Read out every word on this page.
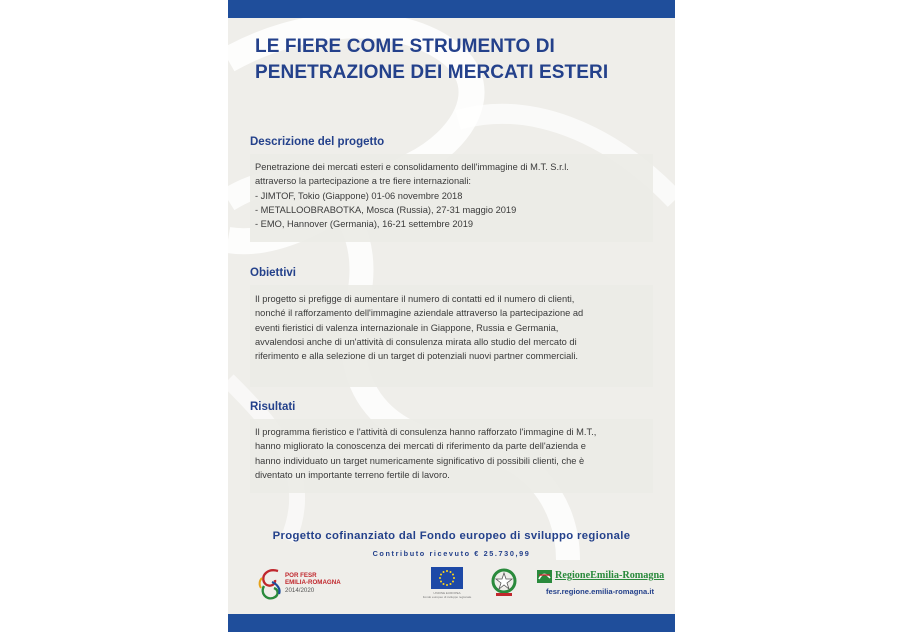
LE FIERE COME STRUMENTO DI
PENETRAZIONE DEI MERCATI ESTERI
Descrizione del progetto
Penetrazione dei mercati esteri e consolidamento dell'immagine di M.T. S.r.l.
attraverso la partecipazione a tre fiere internazionali:
- JIMTOF, Tokio (Giappone) 01-06 novembre 2018
- METALLOOBRABOTKA, Mosca (Russia), 27-31 maggio 2019
- EMO, Hannover (Germania), 16-21 settembre 2019
Obiettivi
Il progetto si prefigge di aumentare il numero di contatti ed il numero di clienti,
nonché il rafforzamento dell'immagine aziendale attraverso la partecipazione ad
eventi fieristici di valenza internazionale in Giappone, Russia e Germania,
avvalendosi anche di un'attività di consulenza mirata allo studio del mercato di
riferimento e alla selezione di un target di potenziali nuovi partner commerciali.
Risultati
Il programma fieristico e l'attività di consulenza hanno rafforzato l'immagine di M.T.,
hanno migliorato la conoscenza dei mercati di riferimento da parte dell'azienda e
hanno individuato un target numericamente significativo di possibili clienti, che è
diventato un importante terreno fertile di lavoro.
Progetto cofinanziato dal Fondo europeo di sviluppo regionale
Contributo ricevuto € 25.730,99
POR FESR
EMILIA-ROMAGNA
2014/2020	UNIONE EUROPEA
Fondo europeo di sviluppo regionale
RegioneEmilia-Romagna
fesr.regione.emilia-romagna.it
